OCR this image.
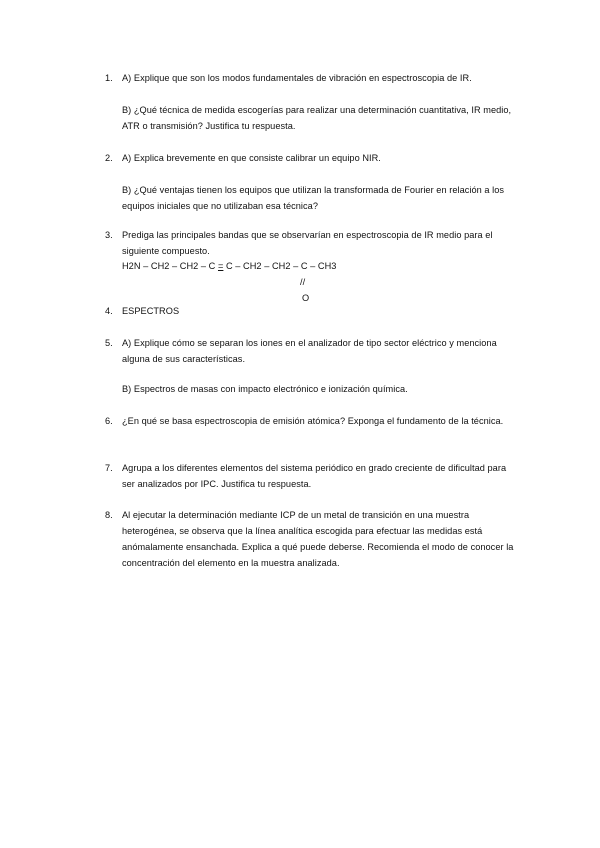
1. A) Explique que son los modos fundamentales de vibración en espectroscopia de IR.

B) ¿Qué técnica de medida escogerías para realizar una determinación cuantitativa, IR medio, ATR o transmisión? Justifica tu respuesta.

2. A) Explica brevemente en que consiste calibrar un equipo NIR.

B) ¿Qué ventajas tienen los equipos que utilizan la transformada de Fourier en relación a los equipos iniciales que no utilizaban esa técnica?

3. Prediga las principales bandas que se observarían en espectroscopia de IR medio para el siguiente compuesto.

H2N – CH2 – CH2 – C = C – CH2 – CH2 – C – CH3
//
O
4. ESPECTROS

5. A) Explique cómo se separan los iones en el analizador de tipo sector eléctrico y menciona alguna de sus características.

B) Espectros de masas con impacto electrónico e ionización química.

6. ¿En qué se basa espectroscopia de emisión atómica? Exponga el fundamento de la técnica.

7. Agrupa a los diferentes elementos del sistema periódico en grado creciente de dificultad para ser analizados por IPC. Justifica tu respuesta.

8. Al ejecutar la determinación mediante ICP de un metal de transición en una muestra heterogénea, se observa que la línea analítica escogida para efectuar las medidas está anómalamente ensanchada. Explica a qué puede deberse. Recomienda el modo de conocer la concentración del elemento en la muestra analizada.
